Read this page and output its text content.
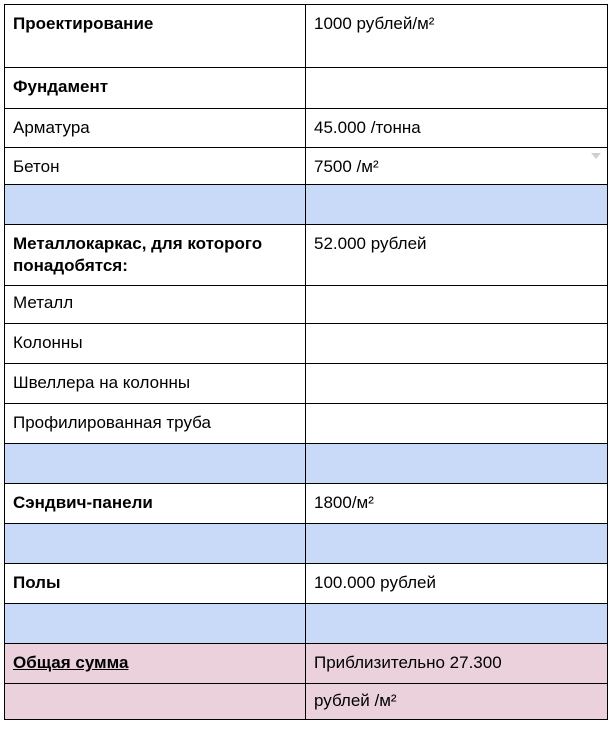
Проектирование	1000 рублей/м²
Фундамент	
Арматура	45.000 /тонна
Бетон	7500 /м²

Металлокаркас, для которого понадобятся:	52.000 рублей
Металл	
Колонны	
Швеллера на колонны	
Профилированная труба	

Сэндвич-панели	1800/м²

Полы	100.000 рублей

Общая сумма	Приблизительно 27.300
	рублей /м²
